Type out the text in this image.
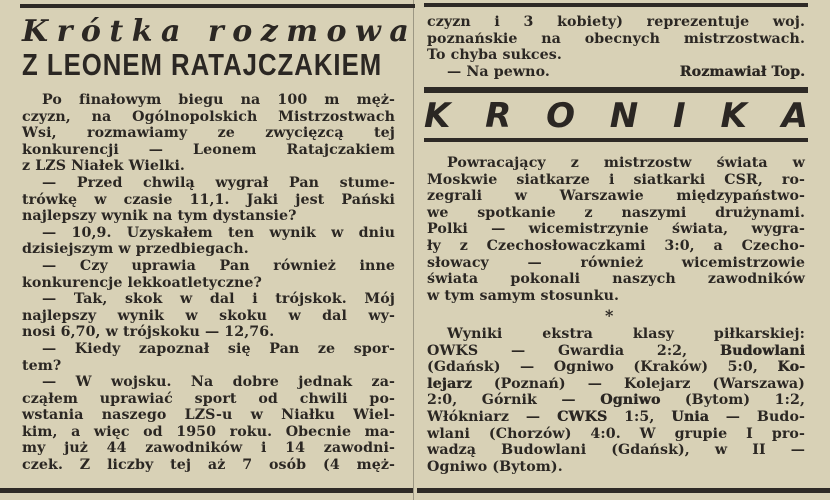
Krótka rozmowa
Z LEONEM RATAJCZAKIEM
Po finałowym biegu na 100 m męż-
czyzn, na Ogólnopolskich Mistrzostwach
Wsi, rozmawiamy ze zwycięzcą tej
konkurencji — Leonem Ratajczakiem
z LZS Niałek Wielki.
— Przed chwilą wygrał Pan stume-
trówkę w czasie 11,1. Jaki jest Pański
najlepszy wynik na tym dystansie?
— 10,9. Uzyskałem ten wynik w dniu
dzisiejszym w przedbiegach.
— Czy uprawia Pan również inne
konkurencje lekkoatletyczne?
— Tak, skok w dal i trójskok. Mój
najlepszy wynik w skoku w dal wy-
nosi 6,70, w trójskoku — 12,76.
— Kiedy zapoznał się Pan ze spor-
tem?
— W wojsku. Na dobre jednak za-
cząłem uprawiać sport od chwili po-
wstania naszego LZS-u w Niałku Wiel-
kim, a więc od 1950 roku. Obecnie ma-
my już 44 zawodników i 14 zawodni-
czek. Z liczby tej aż 7 osób (4 męż-
czyzn i 3 kobiety) reprezentuje woj.
poznańskie na obecnych mistrzostwach.
To chyba sukces.
— Na pewno.	Rozmawiał Top.
K R O N I K A
Powracający z mistrzostw świata w
Moskwie siatkarze i siatkarki CSR, ro-
zegrali w Warszawie międzypaństwo-
we spotkanie z naszymi drużynami.
Polki — wicemistrzynie świata, wygra-
ły z Czechosłowaczkami 3:0, a Czecho-
słowacy — również wicemistrzowie
świata pokonali naszych zawodników
w tym samym stosunku.
*
Wyniki ekstra klasy piłkarskiej:
OWKS — Gwardia 2:2, Budowlani
(Gdańsk) — Ogniwo (Kraków) 5:0, Ko-
lejarz (Poznań) — Kolejarz (Warszawa)
2:0, Górnik — Ogniwo (Bytom) 1:2,
Włókniarz — CWKS 1:5, Unia — Budo-
wlani (Chorzów) 4:0. W grupie I pro-
wadzą Budowlani (Gdańsk), w II —
Ogniwo (Bytom).
